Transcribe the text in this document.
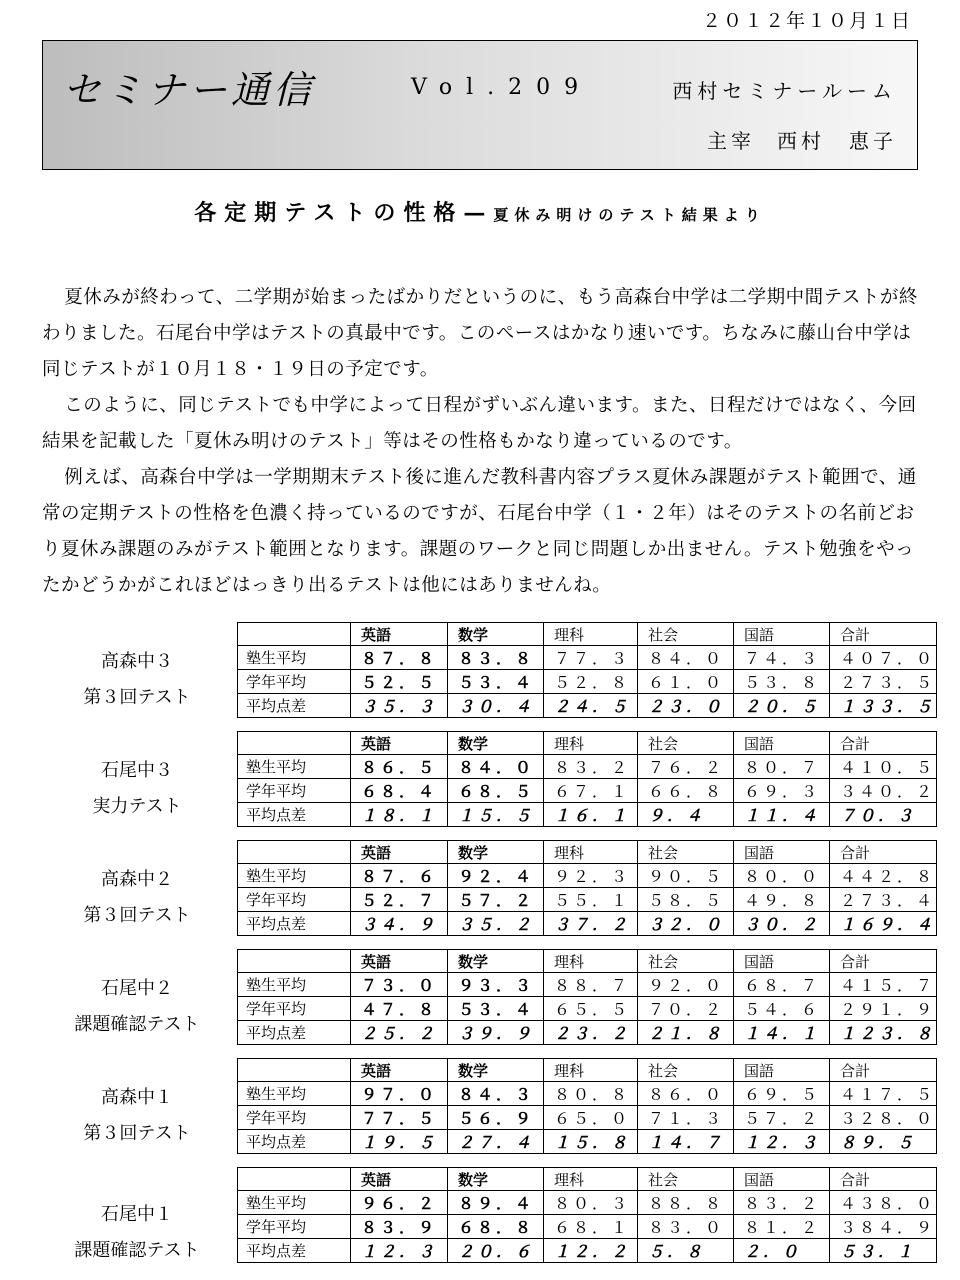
２０１２年１０月１日
セミナー通信	Vol.209	西村セミナールーム
主宰 西村　恵子
各定期テストの性格—夏休み明けのテスト結果より

夏休みが終わって、二学期が始まったばかりだというのに、もう高森台中学は二学期中間テストが終わりました。石尾台中学はテストの真最中です。このペースはかなり速いです。ちなみに藤山台中学は同じテストが１０月１８・１９日の予定です。

このように、同じテストでも中学によって日程がずいぶん違います。また、日程だけではなく、今回結果を記載した「夏休み明けのテスト」等はその性格もかなり違っているのです。

例えば、高森台中学は一学期期末テスト後に進んだ教科書内容プラス夏休み課題がテスト範囲で、通常の定期テストの性格を色濃く持っているのですが、石尾台中学（１・２年）はそのテストの名前どおり夏休み課題のみがテスト範囲となります。課題のワークと同じ問題しか出ません。テスト勉強をやったかどうかがこれほどはっきり出るテストは他にはありませんね。

高森中３
第３回テスト
	英語	数学	理科	社会	国語	合計
塾生平均	８７．８	８３．８	７７．３	８４．０	７４．３	４０７．０
学年平均	５２．５	５３．４	５２．８	６１．０	５３．８	２７３．５
平均点差	３５．３	３０．４	２４．５	２３．０	２０．５	１３３．５
石尾中３
実力テスト
	英語	数学	理科	社会	国語	合計
塾生平均	８６．５	８４．０	８３．２	７６．２	８０．７	４１０．５
学年平均	６８．４	６８．５	６７．１	６６．８	６９．３	３４０．２
平均点差	１８．１	１５．５	１６．１	９．４	１１．４	７０．３
高森中２
第３回テスト
	英語	数学	理科	社会	国語	合計
塾生平均	８７．６	９２．４	９２．３	９０．５	８０．０	４４２．８
学年平均	５２．７	５７．２	５５．１	５８．５	４９．８	２７３．４
平均点差	３４．９	３５．２	３７．２	３２．０	３０．２	１６９．４
石尾中２
課題確認テスト
	英語	数学	理科	社会	国語	合計
塾生平均	７３．０	９３．３	８８．７	９２．０	６８．７	４１５．７
学年平均	４７．８	５３．４	６５．５	７０．２	５４．６	２９１．９
平均点差	２５．２	３９．９	２３．２	２１．８	１４．１	１２３．８
高森中１
第３回テスト
	英語	数学	理科	社会	国語	合計
塾生平均	９７．０	８４．３	８０．８	８６．０	６９．５	４１７．５
学年平均	７７．５	５６．９	６５．０	７１．３	５７．２	３２８．０
平均点差	１９．５	２７．４	１５．８	１４．７	１２．３	８９．５
石尾中１
課題確認テスト
	英語	数学	理科	社会	国語	合計
塾生平均	９６．２	８９．４	８０．３	８８．８	８３．２	４３８．０
学年平均	８３．９	６８．８	６８．１	８３．０	８１．２	３８４．９
平均点差	１２．３	２０．６	１２．２	５．８	２．０	５３．１
